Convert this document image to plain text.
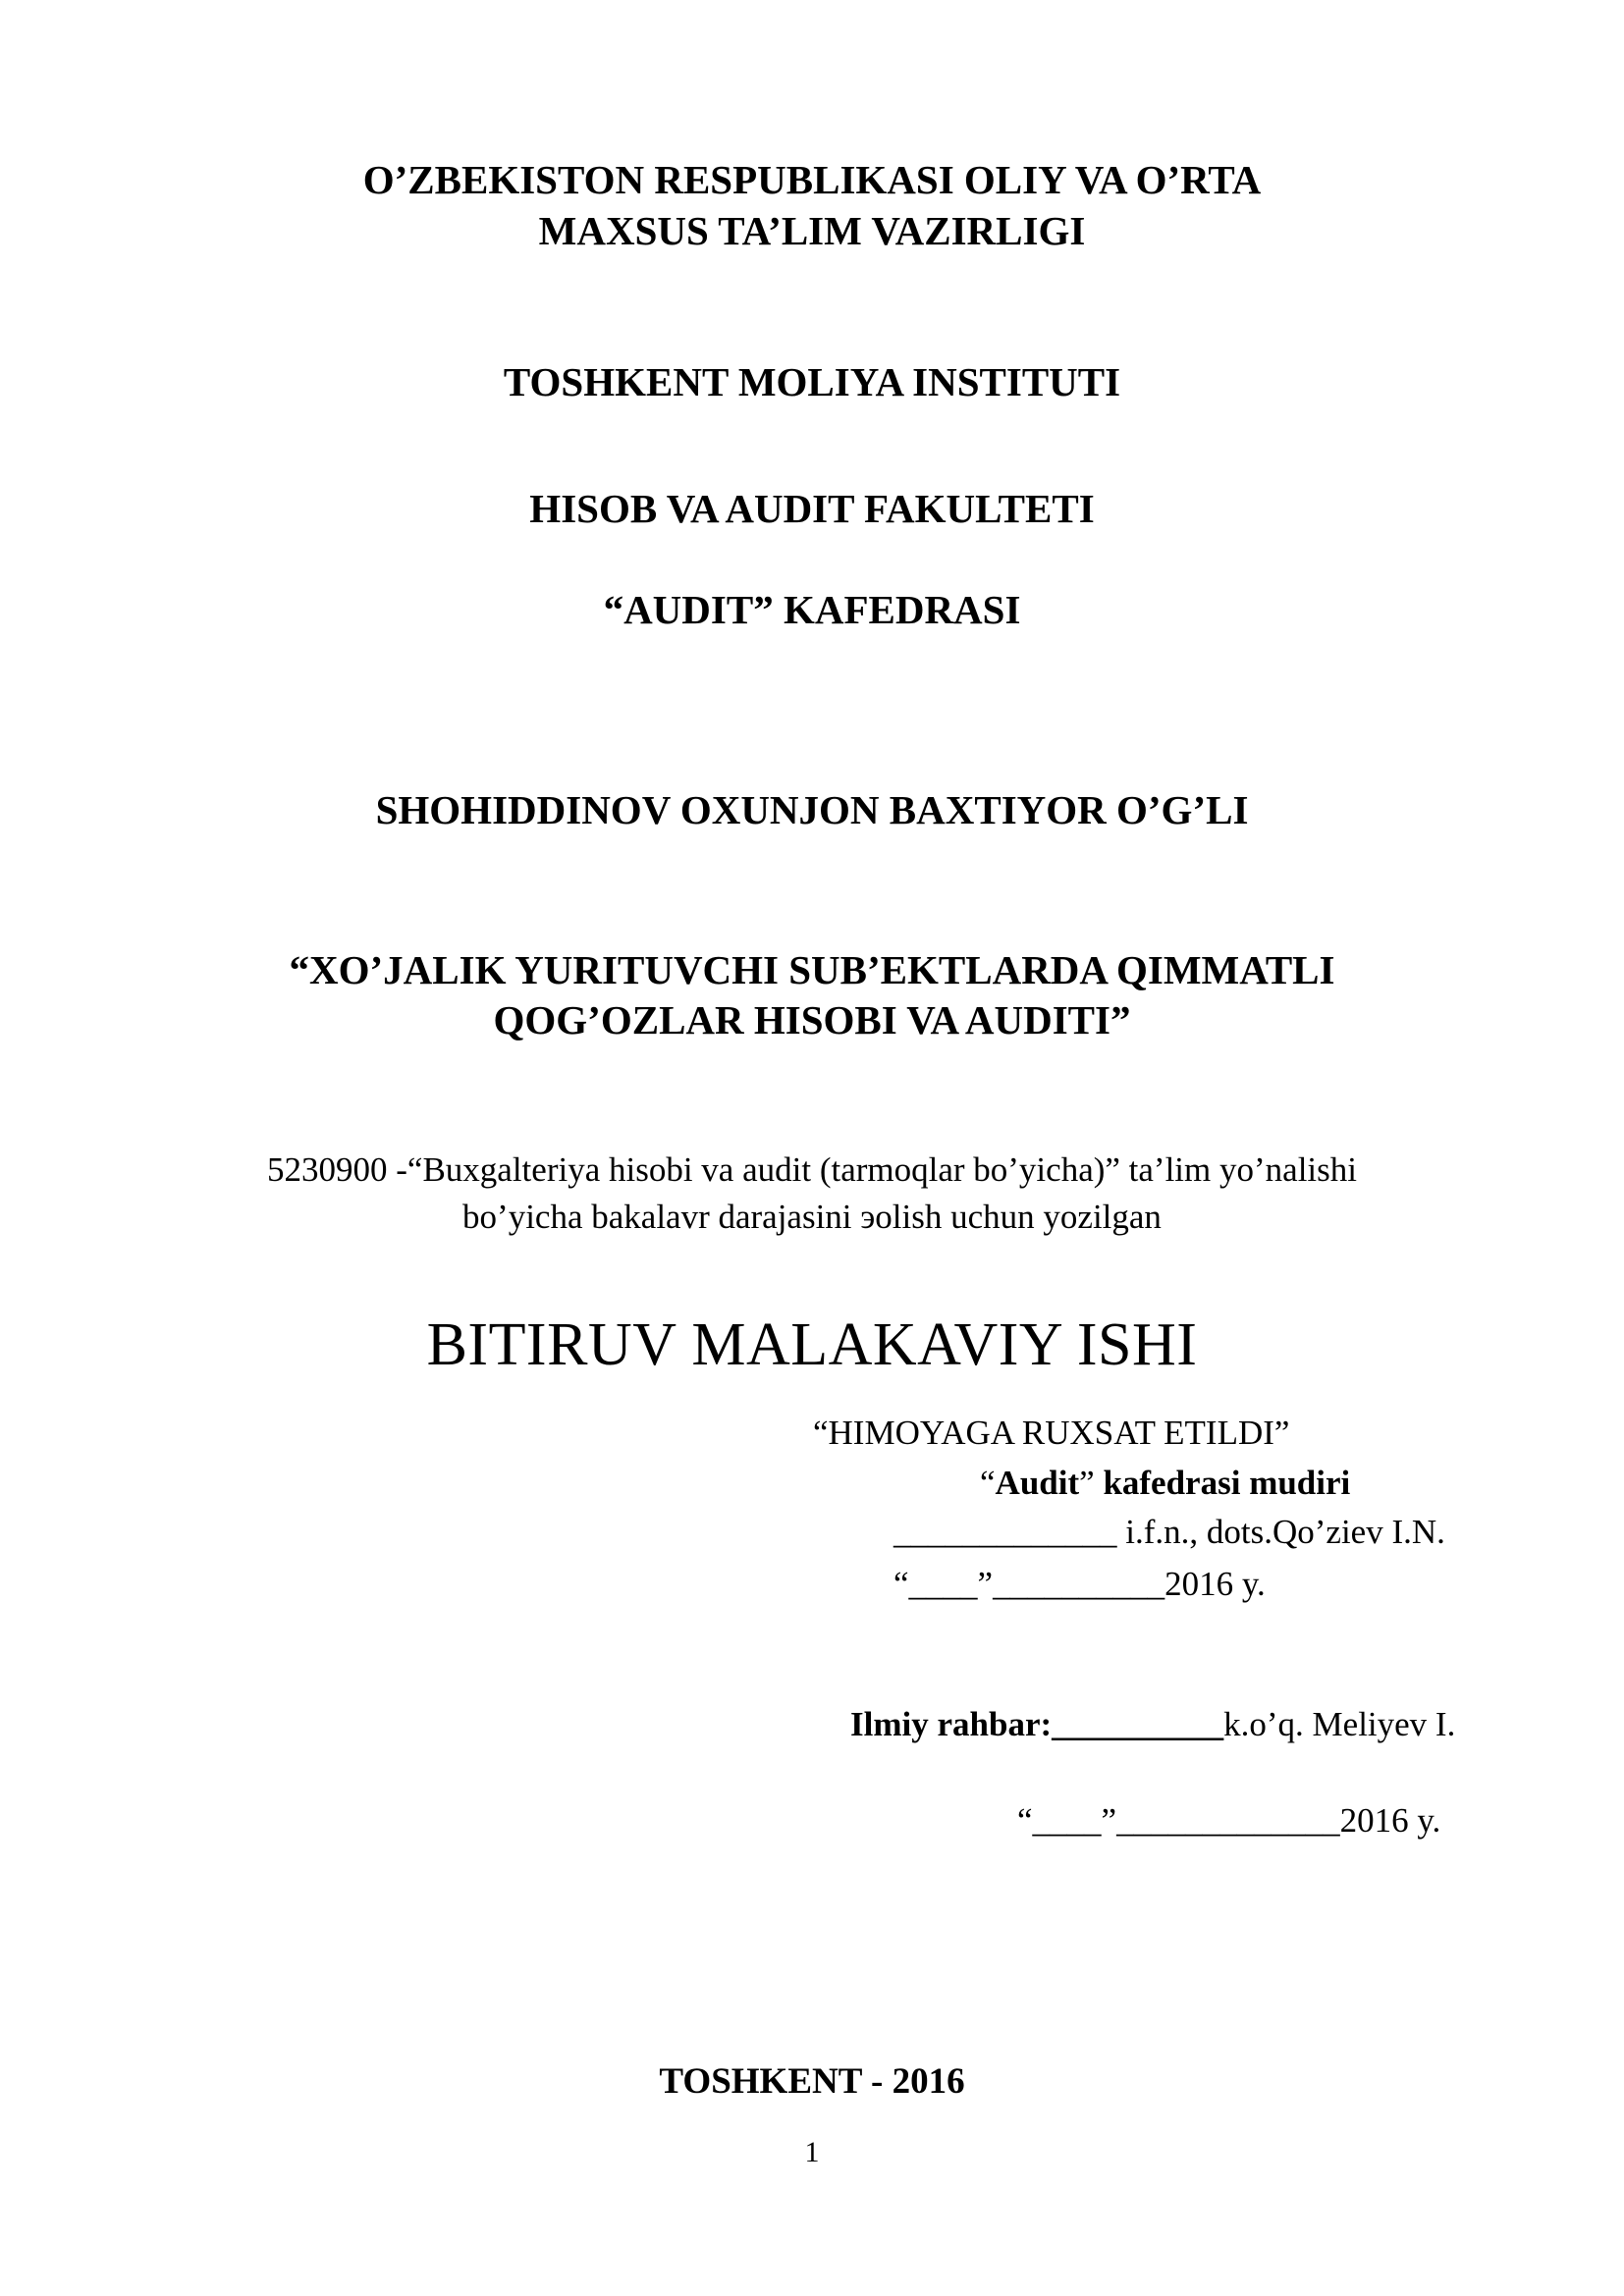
O’ZBEKISTON RESPUBLIKASI OLIY VA O’RTA
MAXSUS TA’LIM VAZIRLIGI
TOSHKENT MOLIYA INSTITUTI
HISOB VA AUDIT FAKULTETI
“AUDIT” KAFEDRASI
SHOHIDDINOV OXUNJON BAXTIYOR O’G’LI
“XO’JALIK YURITUVCHI SUB’EKTLARDA QIMMATLI
QOG’OZLAR HISOBI VA AUDITI”
5230900 -“Buxgalteriya hisobi va audit (tarmoqlar bo’yicha)” ta’lim yo’nalishi
bo’yicha bakalavr darajasini эolish uchun yozilgan
BITIRUV MALAKAVIY ISHI
“HIMOYAGA RUXSAT ETILDI”
“Audit” kafedrasi mudiri
_____________ i.f.n., dots.Qo’ziev I.N.
“____”__________2016 y.
Ilmiy rahbar:__________k.o’q. Meliyev I.
“____”_____________2016 y.
TOSHKENT - 2016
1
